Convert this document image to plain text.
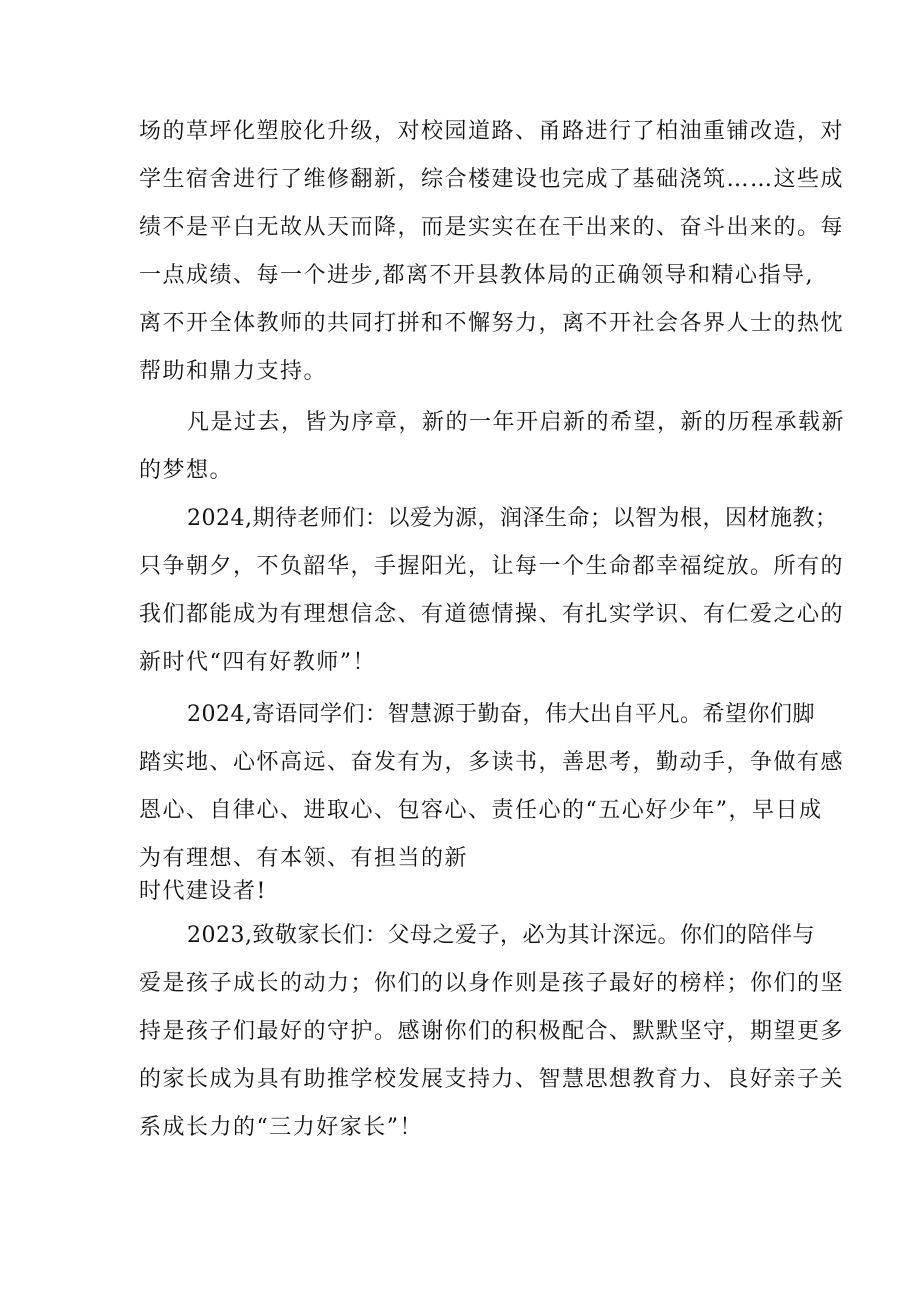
场的草坪化塑胶化升级，对校园道路、甬路进行了柏油重铺改造，对
学生宿舍进行了维修翻新，综合楼建设也完成了基础浇筑……这些成
绩不是平白无故从天而降，而是实实在在干出来的、奋斗出来的。每
一点成绩、每一个进步,都离不开县教体局的正确领导和精心指导,
离不开全体教师的共同打拼和不懈努力，离不开社会各界人士的热忱
帮助和鼎力支持。
凡是过去，皆为序章，新的一年开启新的希望，新的历程承载新
的梦想。
2024,期待老师们：以爱为源，润泽生命；以智为根，因材施教；
只争朝夕，不负韶华，手握阳光，让每一个生命都幸福绽放。所有的
我们都能成为有理想信念、有道德情操、有扎实学识、有仁爱之心的
新时代“四有好教师”！
2024,寄语同学们：智慧源于勤奋，伟大出自平凡。希望你们脚
踏实地、心怀高远、奋发有为，多读书，善思考，勤动手，争做有感
恩心、自律心、进取心、包容心、责任心的“五心好少年”，早日成
为有理想、有本领、有担当的新
时代建设者!
2023,致敬家长们：父母之爱子，必为其计深远。你们的陪伴与
爱是孩子成长的动力；你们的以身作则是孩子最好的榜样；你们的坚
持是孩子们最好的守护。感谢你们的积极配合、默默坚守，期望更多
的家长成为具有助推学校发展支持力、智慧思想教育力、良好亲子关
系成长力的“三力好家长”！
